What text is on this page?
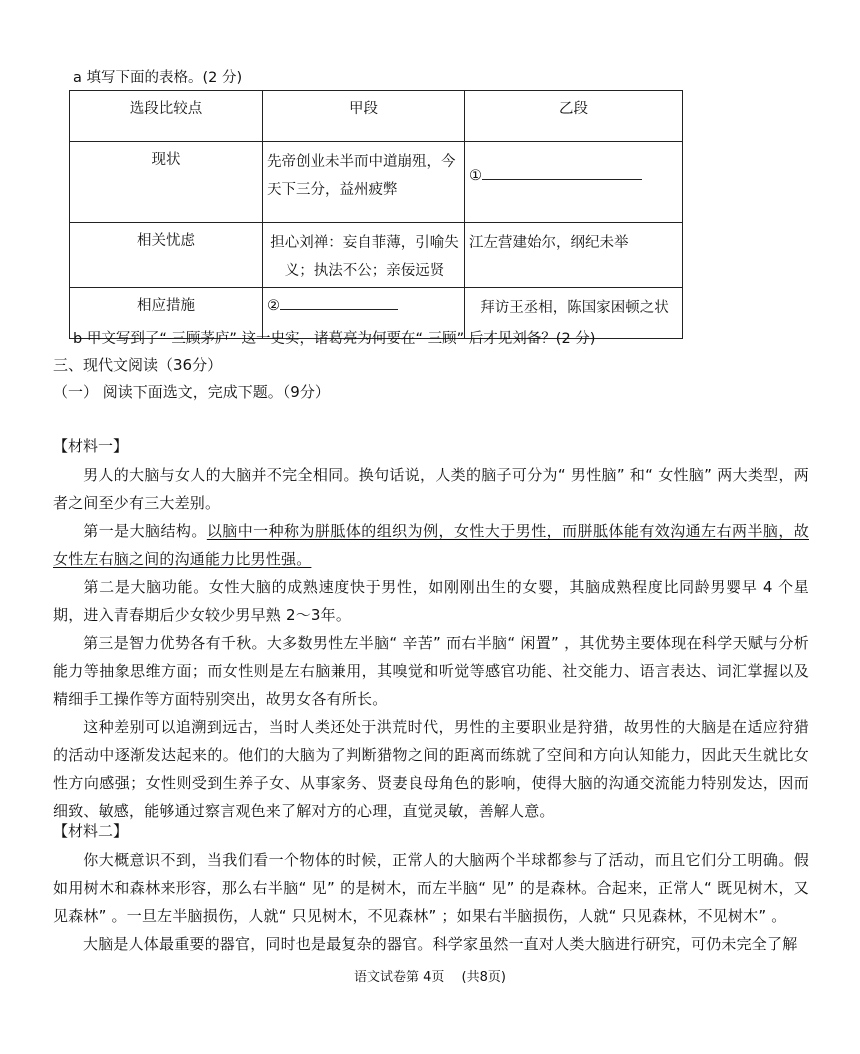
a 填写下面的表格。(2 分)
选段比较点	甲段	乙段
现状	先帝创业未半而中道崩殂，今天下三分，益州疲弊	①
相关忧虑	担心刘禅：妄自菲薄，引喻失义；执法不公；亲佞远贤	江左营建始尔，纲纪未举
相应措施	②	拜访王丞相，陈国家困顿之状
b 甲文写到了“ 三顾茅庐” 这一史实，诸葛亮为何要在“ 三顾” 后才见刘备？(2 分)
三、现代文阅读（36分）
（一） 阅读下面选文，完成下题。（9分）
【材料一】
男人的大脑与女人的大脑并不完全相同。换句话说，人类的脑子可分为“ 男性脑” 和“ 女性脑” 两大类型，两者之间至少有三大差别。
第一是大脑结构。以脑中一种称为胼胝体的组织为例，女性大于男性，而胼胝体能有效沟通左右两半脑，故女性左右脑之间的沟通能力比男性强。
第二是大脑功能。女性大脑的成熟速度快于男性，如刚刚出生的女婴，其脑成熟程度比同龄男婴早 4 个星期，进入青春期后少女较少男早熟 2～3年。
第三是智力优势各有千秋。大多数男性左半脑“ 辛苦” 而右半脑“ 闲置” ，其优势主要体现在科学天赋与分析能力等抽象思维方面；而女性则是左右脑兼用，其嗅觉和听觉等感官功能、社交能力、语言表达、词汇掌握以及精细手工操作等方面特别突出，故男女各有所长。
这种差别可以追溯到远古，当时人类还处于洪荒时代，男性的主要职业是狩猎，故男性的大脑是在适应狩猎的活动中逐渐发达起来的。他们的大脑为了判断猎物之间的距离而练就了空间和方向认知能力，因此天生就比女性方向感强；女性则受到生养子女、从事家务、贤妻良母角色的影响，使得大脑的沟通交流能力特别发达，因而细致、敏感，能够通过察言观色来了解对方的心理，直觉灵敏，善解人意。
【材料二】
你大概意识不到，当我们看一个物体的时候，正常人的大脑两个半球都参与了活动，而且它们分工明确。假如用树木和森林来形容，那么右半脑“ 见” 的是树木，而左半脑“ 见” 的是森林。合起来，正常人“ 既见树木，又见森林” 。一旦左半脑损伤，人就“ 只见树木，不见森林” ；如果右半脑损伤，人就“ 只见森林，不见树木” 。
大脑是人体最重要的器官，同时也是最复杂的器官。科学家虽然一直对人类大脑进行研究，可仍未完全了解
语文试卷第 4页　 (共8页)
